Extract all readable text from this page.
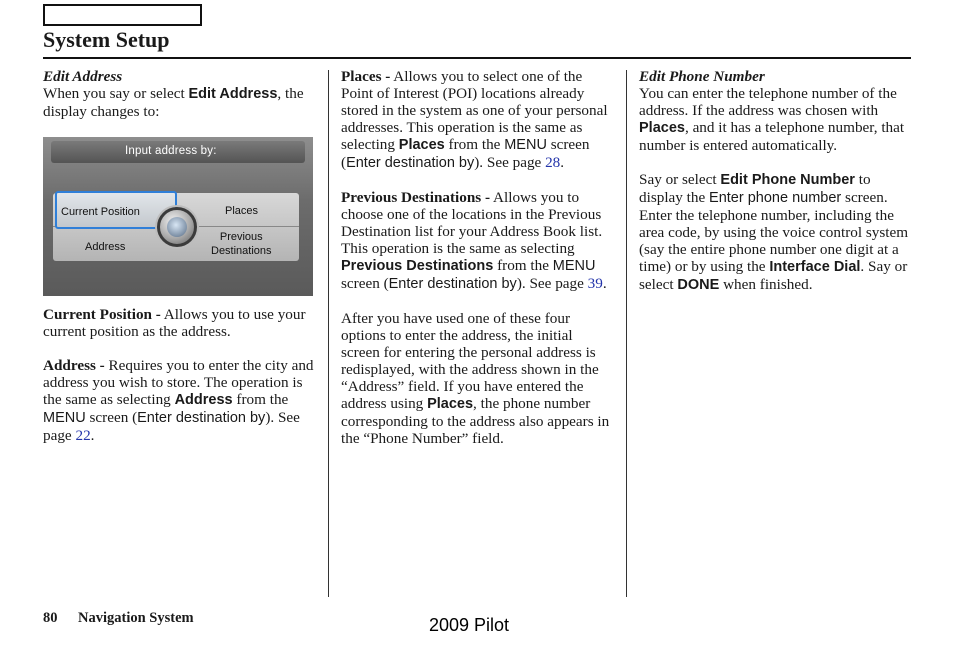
System Setup

Edit Address

When you say or select Edit Address, the display changes to:

Input address by:
Current Position	Places
Address
Previous
Destinations

Current Position - Allows you to use your current position as the address.

Address - Requires you to enter the city and address you wish to store. The operation is the same as selecting Address from the MENU screen (Enter destination by). See page 22.

Places - Allows you to select one of the Point of Interest (POI) locations already stored in the system as one of your personal addresses. This operation is the same as selecting Places from the MENU screen (Enter destination by). See page 28.

Previous Destinations - Allows you to choose one of the locations in the Previous Destination list for your Address Book list. This operation is the same as selecting Previous Destinations from the MENU screen (Enter destination by). See page 39.

After you have used one of these four options to enter the address, the initial screen for entering the personal address is redisplayed, with the address shown in the “Address” field. If you have entered the address using Places, the phone number corresponding to the address also appears in the “Phone Number” field.

Edit Phone Number

You can enter the telephone number of the address. If the address was chosen with Places, and it has a telephone number, that number is entered automatically.

Say or select Edit Phone Number to display the Enter phone number screen. Enter the telephone number, including the area code, by using the voice control system (say the entire phone number one digit at a time) or by using the Interface Dial. Say or select DONE when finished.

80 Navigation System	2009 Pilot
